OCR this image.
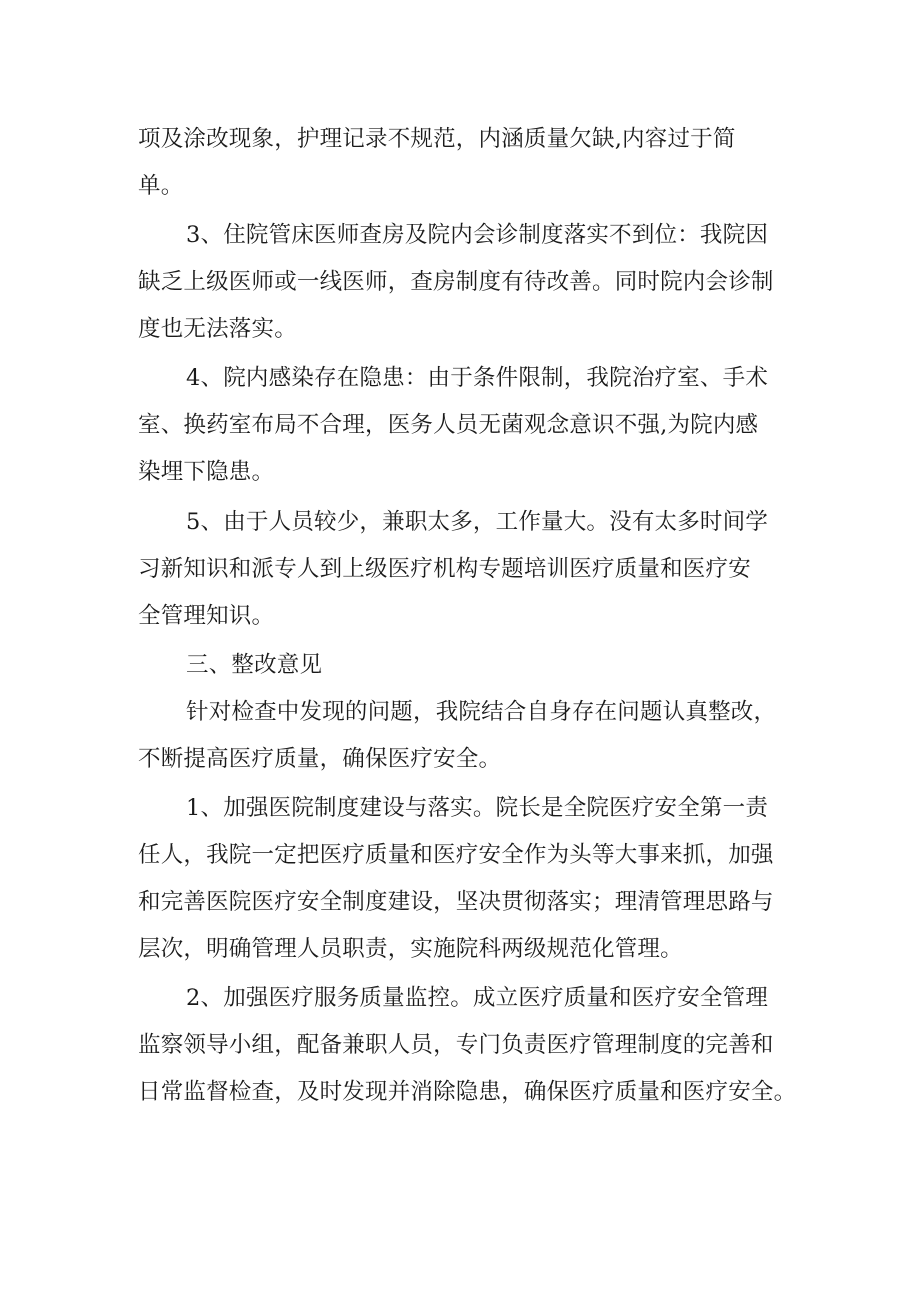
项及涂改现象，护理记录不规范，内涵质量欠缺,内容过于简
单。
3、住院管床医师查房及院内会诊制度落实不到位：我院因
缺乏上级医师或一线医师，查房制度有待改善。同时院内会诊制
度也无法落实。
4、院内感染存在隐患：由于条件限制，我院治疗室、手术
室、换药室布局不合理，医务人员无菌观念意识不强,为院内感
染埋下隐患。
5、由于人员较少，兼职太多，工作量大。没有太多时间学
习新知识和派专人到上级医疗机构专题培训医疗质量和医疗安
全管理知识。
三、整改意见
针对检查中发现的问题，我院结合自身存在问题认真整改，
不断提高医疗质量，确保医疗安全。
1、加强医院制度建设与落实。院长是全院医疗安全第一责
任人，我院一定把医疗质量和医疗安全作为头等大事来抓，加强
和完善医院医疗安全制度建设，坚决贯彻落实；理清管理思路与
层次，明确管理人员职责，实施院科两级规范化管理。
2、加强医疗服务质量监控。成立医疗质量和医疗安全管理
监察领导小组，配备兼职人员，专门负责医疗管理制度的完善和
日常监督检查，及时发现并消除隐患，确保医疗质量和医疗安全。
